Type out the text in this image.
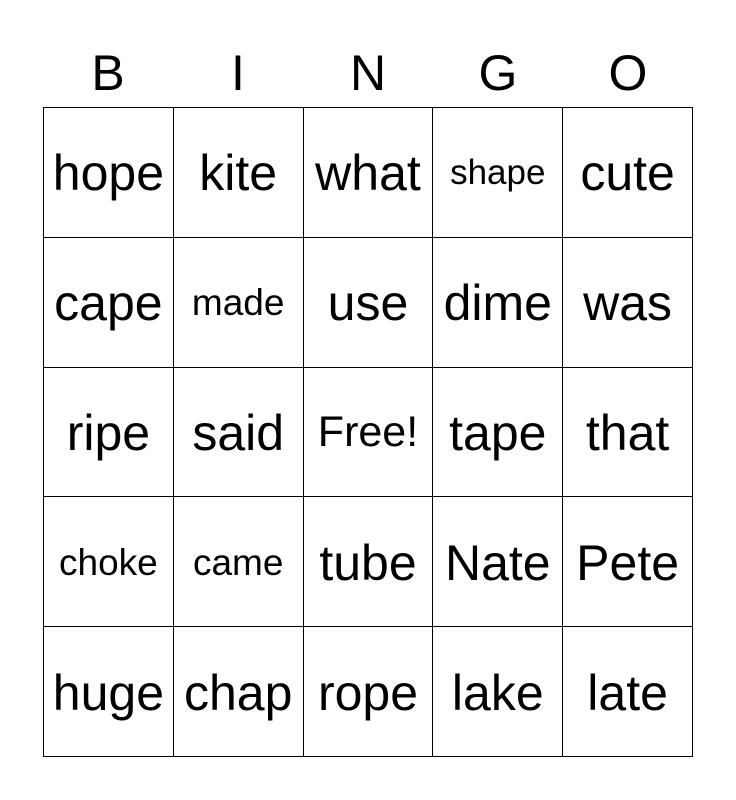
B	I	N	G	O
hope kite what shape cute
cape made use dime was
ripe said Free! tape that
choke came tube Nate Pete
huge chap rope lake late
